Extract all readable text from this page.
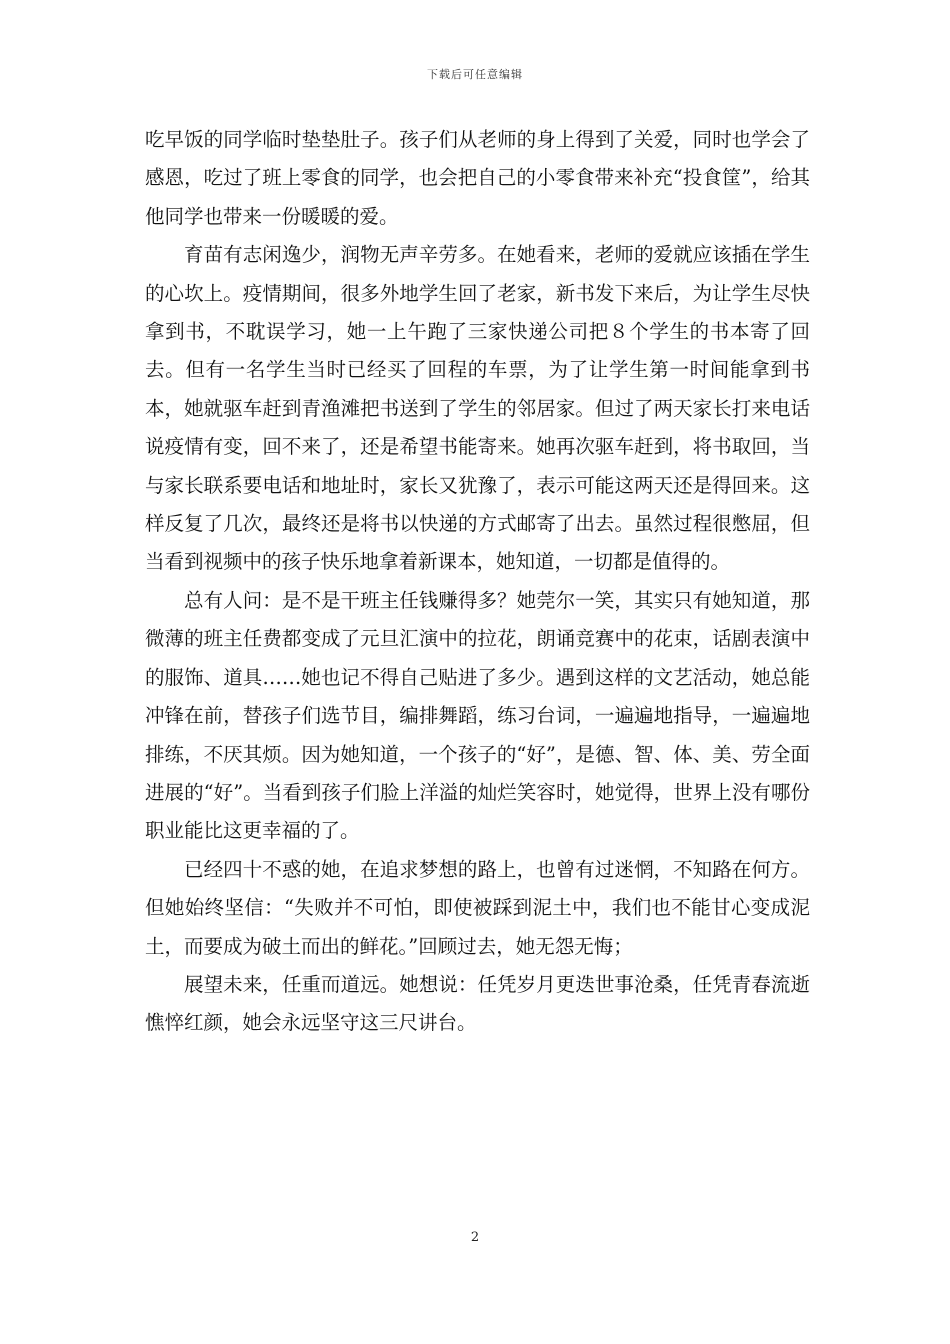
下载后可任意编辑

吃早饭的同学临时垫垫肚子。孩子们从老师的身上得到了关爱，同时也学会了感恩，吃过了班上零食的同学，也会把自己的小零食带来补充“投食筐”，给其他同学也带来一份暖暖的爱。

育苗有志闲逸少，润物无声辛劳多。在她看来，老师的爱就应该插在学生的心坎上。疫情期间，很多外地学生回了老家，新书发下来后，为让学生尽快拿到书，不耽误学习，她一上午跑了三家快递公司把８个学生的书本寄了回去。但有一名学生当时已经买了回程的车票，为了让学生第一时间能拿到书本，她就驱车赶到青渔滩把书送到了学生的邻居家。但过了两天家长打来电话说疫情有变，回不来了，还是希望书能寄来。她再次驱车赶到，将书取回，当与家长联系要电话和地址时，家长又犹豫了，表示可能这两天还是得回来。这样反复了几次，最终还是将书以快递的方式邮寄了出去。虽然过程很憋屈，但当看到视频中的孩子快乐地拿着新课本，她知道，一切都是值得的。

总有人问：是不是干班主任钱赚得多？她莞尔一笑，其实只有她知道，那微薄的班主任费都变成了元旦汇演中的拉花，朗诵竞赛中的花束，话剧表演中的服饰、道具……她也记不得自己贴进了多少。遇到这样的文艺活动，她总能冲锋在前，替孩子们选节目，编排舞蹈，练习台词，一遍遍地指导，一遍遍地排练，不厌其烦。因为她知道，一个孩子的“好”，是德、智、体、美、劳全面进展的“好”。当看到孩子们脸上洋溢的灿烂笑容时，她觉得，世界上没有哪份职业能比这更幸福的了。

已经四十不惑的她，在追求梦想的路上，也曾有过迷惘，不知路在何方。但她始终坚信：“失败并不可怕，即使被踩到泥土中，我们也不能甘心变成泥土，而要成为破土而出的鲜花。”回顾过去，她无怨无悔；

展望未来，任重而道远。她想说：任凭岁月更迭世事沧桑，任凭青春流逝憔悴红颜，她会永远坚守这三尺讲台。

2
